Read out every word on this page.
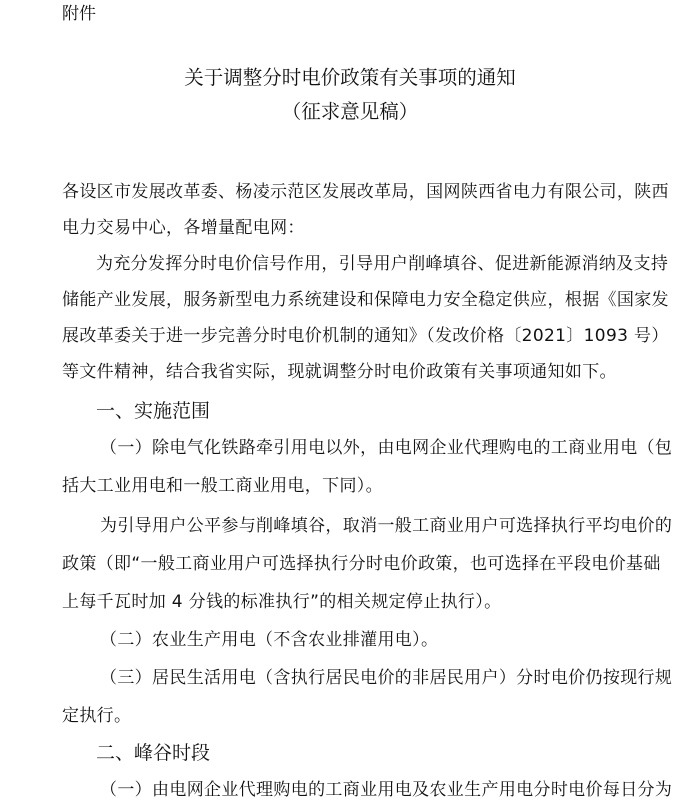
附件
关于调整分时电价政策有关事项的通知
（征求意见稿）
各设区市发展改革委、杨凌示范区发展改革局，国网陕西省电力有限公司，陕西
电力交易中心，各增量配电网：
为充分发挥分时电价信号作用，引导用户削峰填谷、促进新能源消纳及支持
储能产业发展，服务新型电力系统建设和保障电力安全稳定供应，根据《国家发
展改革委关于进一步完善分时电价机制的通知》（发改价格〔2021〕1093 号）
等文件精神，结合我省实际，现就调整分时电价政策有关事项通知如下。
一、实施范围
（一）除电气化铁路牵引用电以外，由电网企业代理购电的工商业用电（包
括大工业用电和一般工商业用电，下同）。
为引导用户公平参与削峰填谷，取消一般工商业用户可选择执行平均电价的
政策（即“一般工商业用户可选择执行分时电价政策，也可选择在平段电价基础
上每千瓦时加 4 分钱的标准执行”的相关规定停止执行）。
（二）农业生产用电（不含农业排灌用电）。
（三）居民生活用电（含执行居民电价的非居民用户）分时电价仍按现行规
定执行。
二、峰谷时段
（一）由电网企业代理购电的工商业用电及农业生产用电分时电价每日分为
